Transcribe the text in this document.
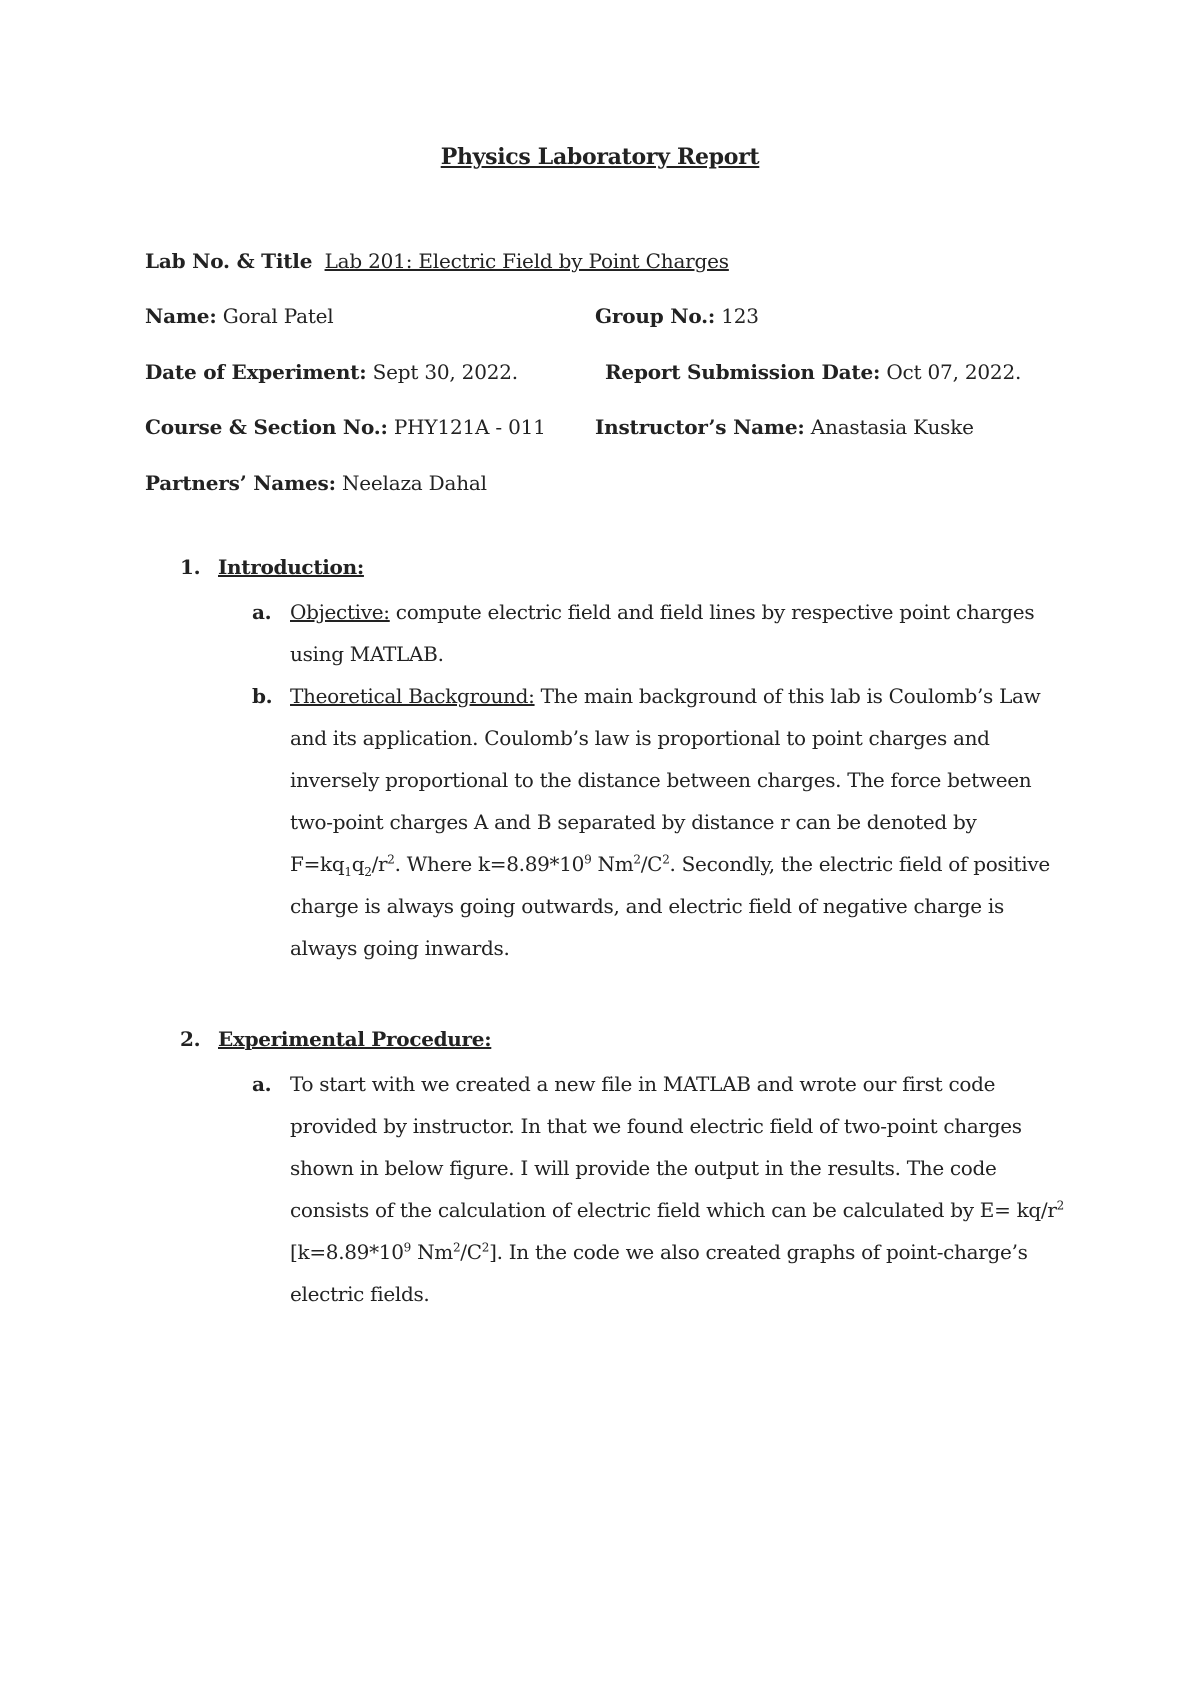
Physics Laboratory Report
Lab No. & Title Lab 201: Electric Field by Point Charges
Name: Goral Patel	Group No.: 123
Date of Experiment: Sept 30, 2022.	Report Submission Date: Oct 07, 2022.
Course & Section No.: PHY121A - 011 Instructor’s Name: Anastasia Kuske
Partners’ Names: Neelaza Dahal
1. Introduction:
a. Objective: compute electric field and field lines by respective point charges
using MATLAB.
b. Theoretical Background: The main background of this lab is Coulomb’s Law
and its application. Coulomb’s law is proportional to point charges and
inversely proportional to the distance between charges. The force between
two-point charges A and B separated by distance r can be denoted by
$F=kq_1q_2/r^2$. Where $k=8.89*10^9$ $Nm^2/C^2$. Secondly, the electric field of positive
charge is always going outwards, and electric field of negative charge is
always going inwards.
2. Experimental Procedure:
a. To start with we created a new file in MATLAB and wrote our first code
provided by instructor. In that we found electric field of two-point charges
shown in below figure. I will provide the output in the results. The code
consists of the calculation of electric field which can be calculated by $E= kq/r^2$
[$k=8.89*10^9$ $Nm^2/C^2$]. In the code we also created graphs of point-charge’s
electric fields.
